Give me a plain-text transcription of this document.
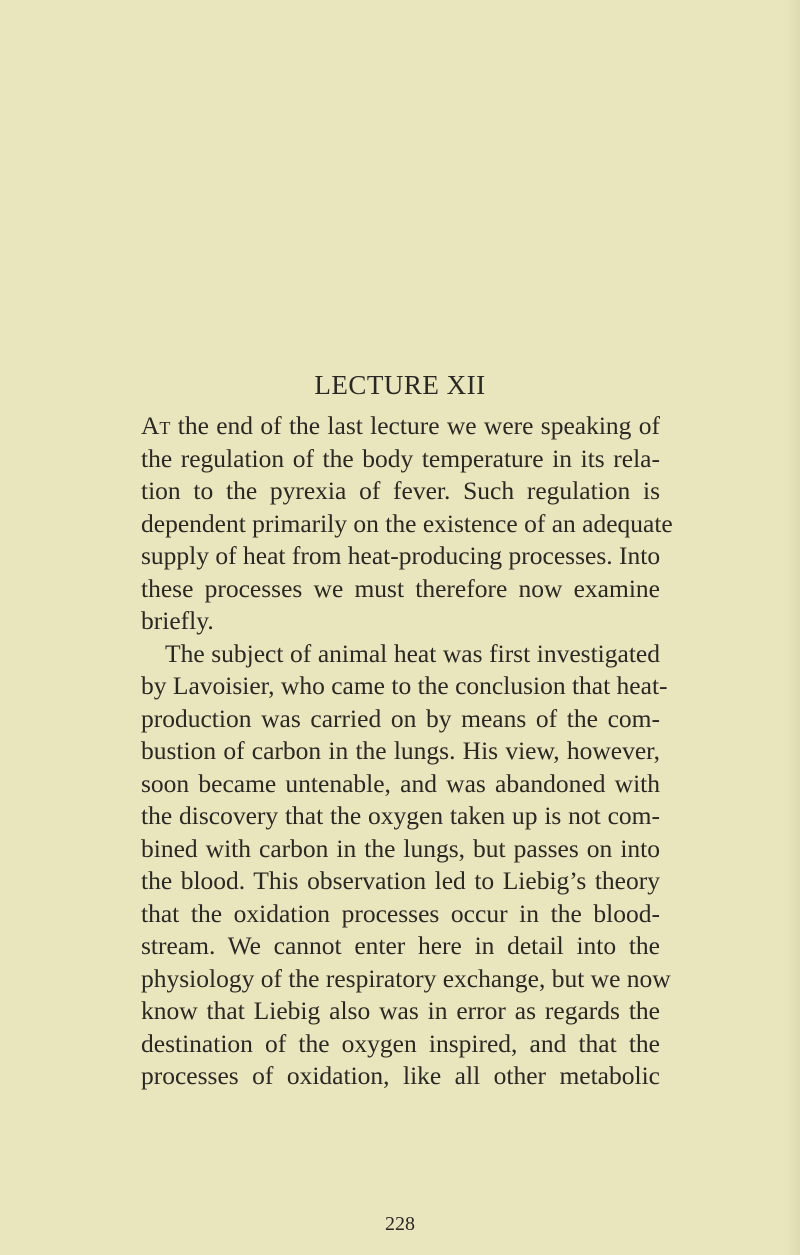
LECTURE XII

At the end of the last lecture we were speaking of
the regulation of the body temperature in its rela-
tion to the pyrexia of fever. Such regulation is
dependent primarily on the existence of an adequate
supply of heat from heat-producing processes. Into
these processes we must therefore now examine
briefly.

The subject of animal heat was first investigated
by Lavoisier, who came to the conclusion that heat-
production was carried on by means of the com-
bustion of carbon in the lungs. His view, however,
soon became untenable, and was abandoned with
the discovery that the oxygen taken up is not com-
bined with carbon in the lungs, but passes on into
the blood. This observation led to Liebig’s theory
that the oxidation processes occur in the blood-
stream. We cannot enter here in detail into the
physiology of the respiratory exchange, but we now
know that Liebig also was in error as regards the
destination of the oxygen inspired, and that the
processes of oxidation, like all other metabolic

228
